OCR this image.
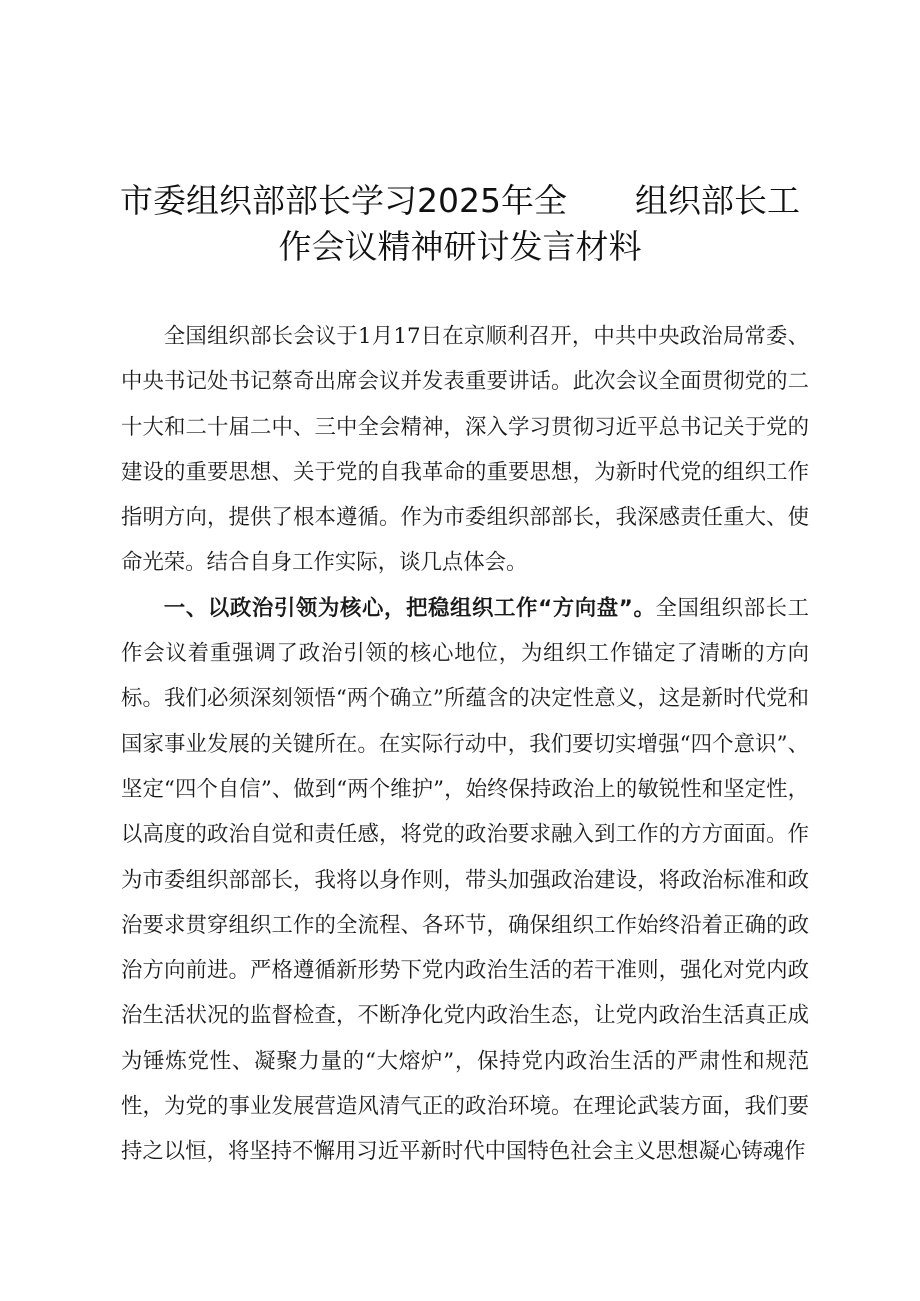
市委组织部部长学习2025年全 组织部长工
作会议精神研讨发言材料

全国组织部长会议于1月17日在京顺利召开，中共中央政治局常委、中央书记处书记蔡奇出席会议并发表重要讲话。此次会议全面贯彻党的二十大和二十届二中、三中全会精神，深入学习贯彻习近平总书记关于党的建设的重要思想、关于党的自我革命的重要思想，为新时代党的组织工作指明方向，提供了根本遵循。作为市委组织部部长，我深感责任重大、使命光荣。结合自身工作实际，谈几点体会。

一、以政治引领为核心，把稳组织工作“方向盘”。全国组织部长工作会议着重强调了政治引领的核心地位，为组织工作锚定了清晰的方向标。我们必须深刻领悟“两个确立”所蕴含的决定性意义，这是新时代党和国家事业发展的关键所在。在实际行动中，我们要切实增强“四个意识”、坚定“四个自信”、做到“两个维护”，始终保持政治上的敏锐性和坚定性，以高度的政治自觉和责任感，将党的政治要求融入到工作的方方面面。作为市委组织部部长，我将以身作则，带头加强政治建设，将政治标准和政治要求贯穿组织工作的全流程、各环节，确保组织工作始终沿着正确的政治方向前进。严格遵循新形势下党内政治生活的若干准则，强化对党内政治生活状况的监督检查，不断净化党内政治生态，让党内政治生活真正成为锤炼党性、凝聚力量的“大熔炉”，保持党内政治生活的严肃性和规范性，为党的事业发展营造风清气正的政治环境。在理论武装方面，我们要持之以恒，将坚持不懈用习近平新时代中国特色社会主义思想凝心铸魂作
